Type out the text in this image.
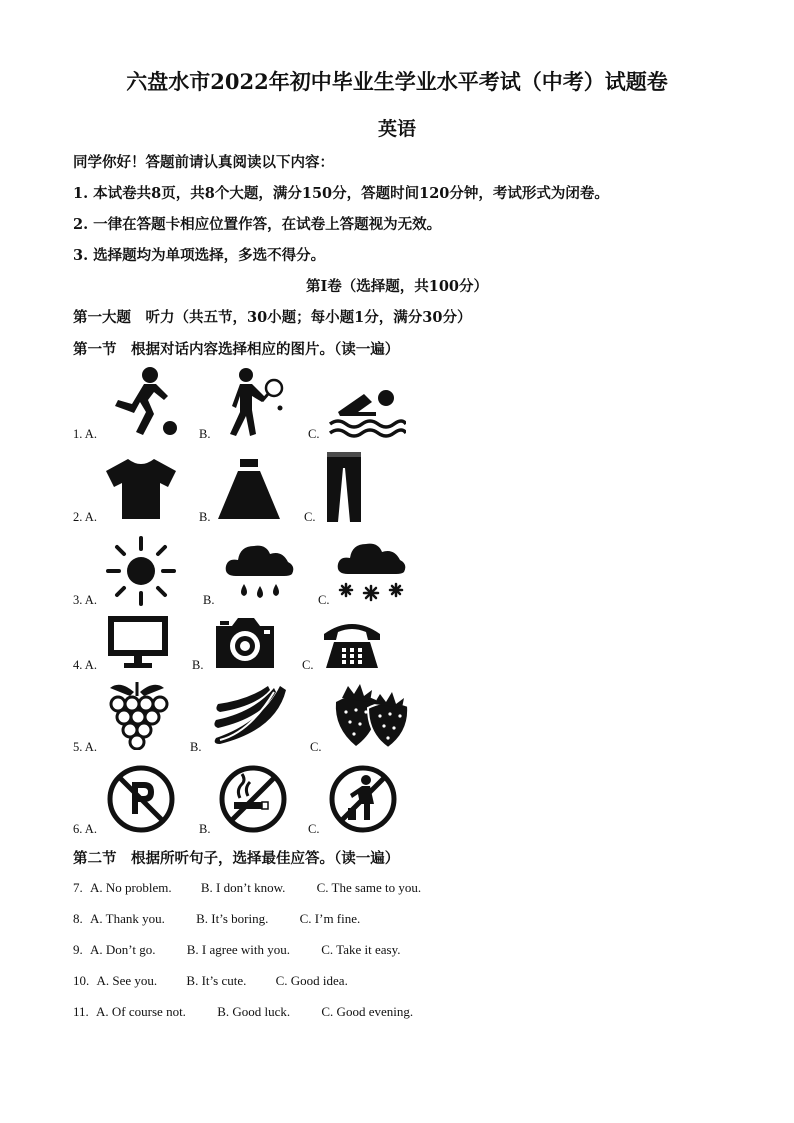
六盘水市2022年初中毕业生学业水平考试（中考）试题卷
英语
同学你好！答题前请认真阅读以下内容：
1. 本试卷共8页，共8个大题，满分150分，答题时间120分钟，考试形式为闭卷。
2. 一律在答题卡相应位置作答，在试卷上答题视为无效。
3. 选择题均为单项选择，多选不得分。
第Ⅰ卷（选择题，共100分）
第一大题　听力（共五节，30小题；每小题1分，满分30分）
第一节　根据对话内容选择相应的图片。（读一遍）
1. A.	B.	C.
2. A.	B.	C.
3. A.	B.	C.
4. A.	B.	C.
5. A.	B.	C.
6. A.	B.	C.
第二节　根据所听句子，选择最佳应答。（读一遍）
7. A. No problem. B. I don’t know. C. The same to you.
8. A. Thank you. B. It’s boring. C. I’m fine.
9. A. Don’t go. B. I agree with you. C. Take it easy.
10. A. See you. B. It’s cute. C. Good idea.
11. A. Of course not. B. Good luck. C. Good evening.
